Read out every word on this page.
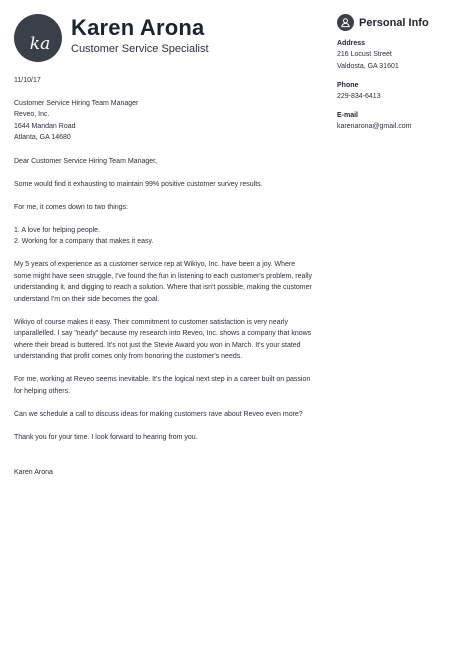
ka
Karen Arona
Customer Service Specialist
Personal Info
Address
216 Locust Street
Valdosta, GA 31601
Phone
229-834-6413
E-mail
karenarona@gmail.com

11/10/17

Customer Service Hiring Team Manager

Reveo, Inc.

1644 Mandan Road

Atlanta, GA 14680

Dear Customer Service Hiring Team Manager,

Some would find it exhausting to maintain 99% positive customer survey results.

For me, it comes down to two things:

1. A love for helping people.

2. Working for a company that makes it easy.

My 5 years of experience as a customer service rep at Wikiyo, Inc. have been a joy. Where some might have seen struggle, I've found the fun in listening to each customer's problem, really understanding it, and digging to reach a solution. Where that isn't possible, making the customer understand I'm on their side becomes the goal.

Wikiyo of course makes it easy. Their commitment to customer satisfaction is very nearly unparallelled. I say "nearly" because my research into Reveo, Inc. shows a company that knows where their bread is buttered. It's not just the Stevie Award you won in March. It's your stated understanding that profit comes only from honoring the customer's needs.

For me, working at Reveo seems inevitable. It's the logical next step in a career built on passion for helping others.

Can we schedule a call to discuss ideas for making customers rave about Reveo even more?

Thank you for your time. I look forward to hearing from you.

Karen Arona
